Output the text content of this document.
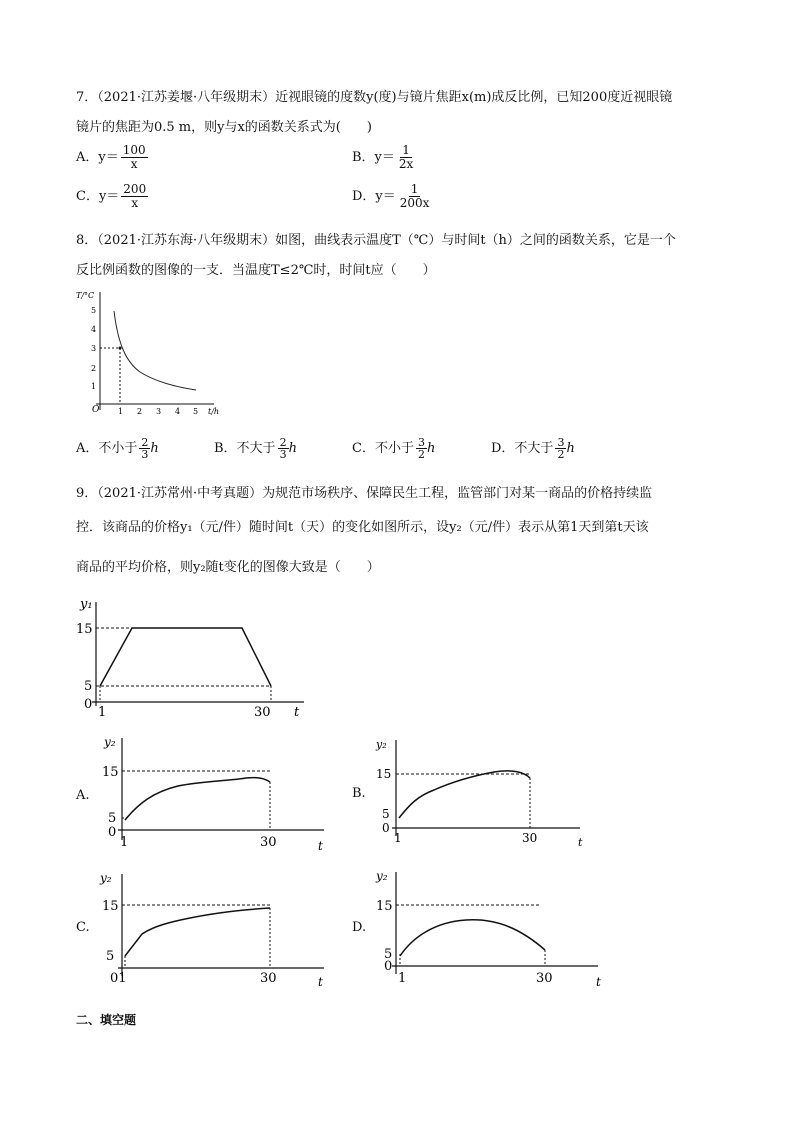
7．（2021·江苏姜堰·八年级期末）近视眼镜的度数y(度)与镜片焦距x(m)成反比例，已知200度近视眼镜
镜片的焦距为0.5 m，则y与x的函数关系式为(　　)
A．$y= \frac{100}{x}$	B．$y= \frac{1}{2x}$
C．$y= \frac{200}{x}$	D．$y= \frac{1}{200x}$
8．（2021·江苏东海·八年级期末）如图，曲线表示温度T（℃）与时间t（h）之间的函数关系，它是一个
反比例函数的图像的一支．当温度T≤2℃时，时间t应（　　）
T/°C
t/h
O
1
2
3
4
5
1 2 3 4 5
A．不小于 $\frac{2}{3}$ h	B．不大于 $\frac{2}{3}$ h	C．不小于 $\frac{3}{2}$ h	D．不大于 $\frac{3}{2}$ h
9．（2021·江苏常州·中考真题）为规范市场秩序、保障民生工程，监管部门对某一商品的价格持续监
控．该商品的价格y₁（元/件）随时间t（天）的变化如图所示，设y₂（元/件）表示从第1天到第t天该
商品的平均价格，则y₂随t变化的图像大致是（　　）
y₁
t
15
5
0
1	30
A.
y₂
t
15
5
0
1	30
B.
y₂
t
15
5
0
1	30
C.
y₂
t
15
5
01	30
D.
y₂
t
15
5
0
1	30
二、填空题
